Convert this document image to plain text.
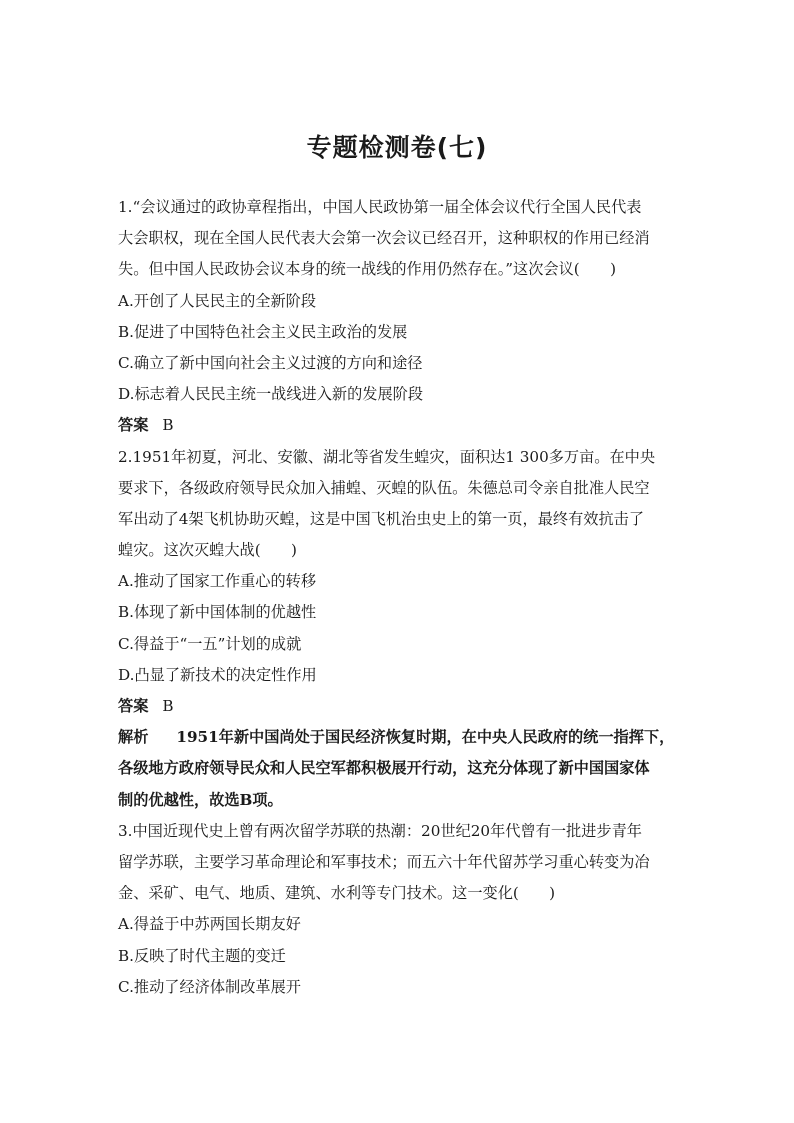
专题检测卷(七)
1.“会议通过的政协章程指出，中国人民政协第一届全体会议代行全国人民代表
大会职权，现在全国人民代表大会第一次会议已经召开，这种职权的作用已经消
失。但中国人民政协会议本身的统一战线的作用仍然存在。”这次会议(　　)
A.开创了人民民主的全新阶段
B.促进了中国特色社会主义民主政治的发展
C.确立了新中国向社会主义过渡的方向和途径
D.标志着人民民主统一战线进入新的发展阶段
答案 B
2.1951年初夏，河北、安徽、湖北等省发生蝗灾，面积达1 300多万亩。在中央
要求下，各级政府领导民众加入捕蝗、灭蝗的队伍。朱德总司令亲自批准人民空
军出动了4架飞机协助灭蝗，这是中国飞机治虫史上的第一页，最终有效抗击了
蝗灾。这次灭蝗大战(　　)
A.推动了国家工作重心的转移
B.体现了新中国体制的优越性
C.得益于“一五”计划的成就
D.凸显了新技术的决定性作用
答案 B
解析 1951年新中国尚处于国民经济恢复时期，在中央人民政府的统一指挥下，
各级地方政府领导民众和人民空军都积极展开行动，这充分体现了新中国国家体
制的优越性，故选B项。
3.中国近现代史上曾有两次留学苏联的热潮：20世纪20年代曾有一批进步青年
留学苏联，主要学习革命理论和军事技术；而五六十年代留苏学习重心转变为冶
金、采矿、电气、地质、建筑、水利等专门技术。这一变化(　　)
A.得益于中苏两国长期友好
B.反映了时代主题的变迁
C.推动了经济体制改革展开
